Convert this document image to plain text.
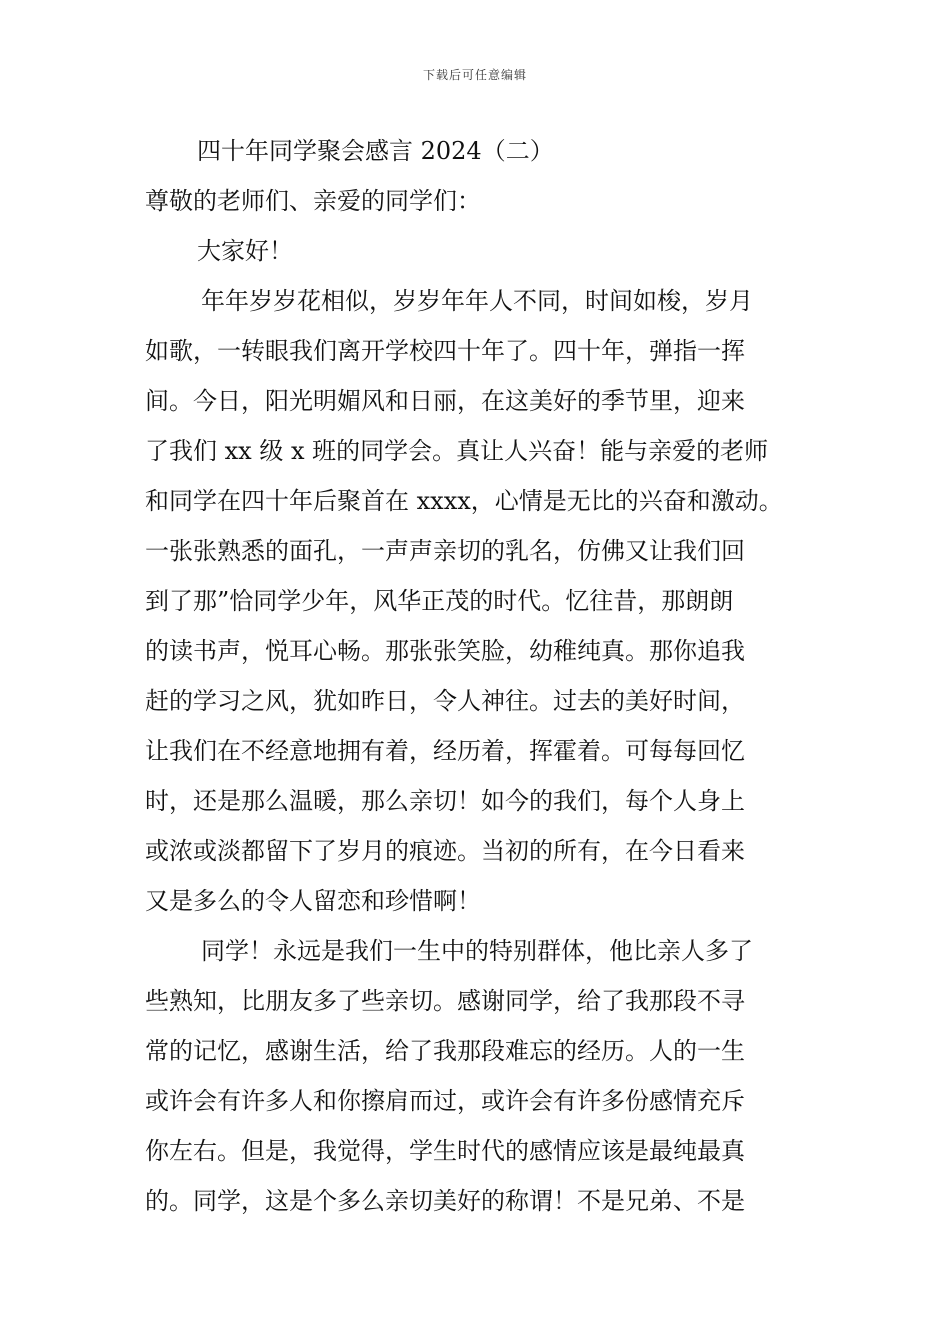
下载后可任意编辑
四十年同学聚会感言 2024（二）

尊敬的老师们、亲爱的同学们：

大家好！

年年岁岁花相似，岁岁年年人不同，时间如梭，岁月
如歌，一转眼我们离开学校四十年了。四十年，弹指一挥
间。今日，阳光明媚风和日丽，在这美好的季节里，迎来
了我们 xx 级 x 班的同学会。真让人兴奋！能与亲爱的老师
和同学在四十年后聚首在 xxxx，心情是无比的兴奋和激动。
一张张熟悉的面孔，一声声亲切的乳名，仿佛又让我们回
到了那”恰同学少年，风华正茂的时代。忆往昔，那朗朗
的读书声，悦耳心畅。那张张笑脸，幼稚纯真。那你追我
赶的学习之风，犹如昨日，令人神往。过去的美好时间，
让我们在不经意地拥有着，经历着，挥霍着。可每每回忆
时，还是那么温暖，那么亲切！如今的我们，每个人身上
或浓或淡都留下了岁月的痕迹。当初的所有，在今日看来
又是多么的令人留恋和珍惜啊！
同学！永远是我们一生中的特别群体，他比亲人多了
些熟知，比朋友多了些亲切。感谢同学，给了我那段不寻
常的记忆，感谢生活，给了我那段难忘的经历。人的一生
或许会有许多人和你擦肩而过，或许会有许多份感情充斥
你左右。但是，我觉得，学生时代的感情应该是最纯最真
的。同学，这是个多么亲切美好的称谓！不是兄弟、不是
